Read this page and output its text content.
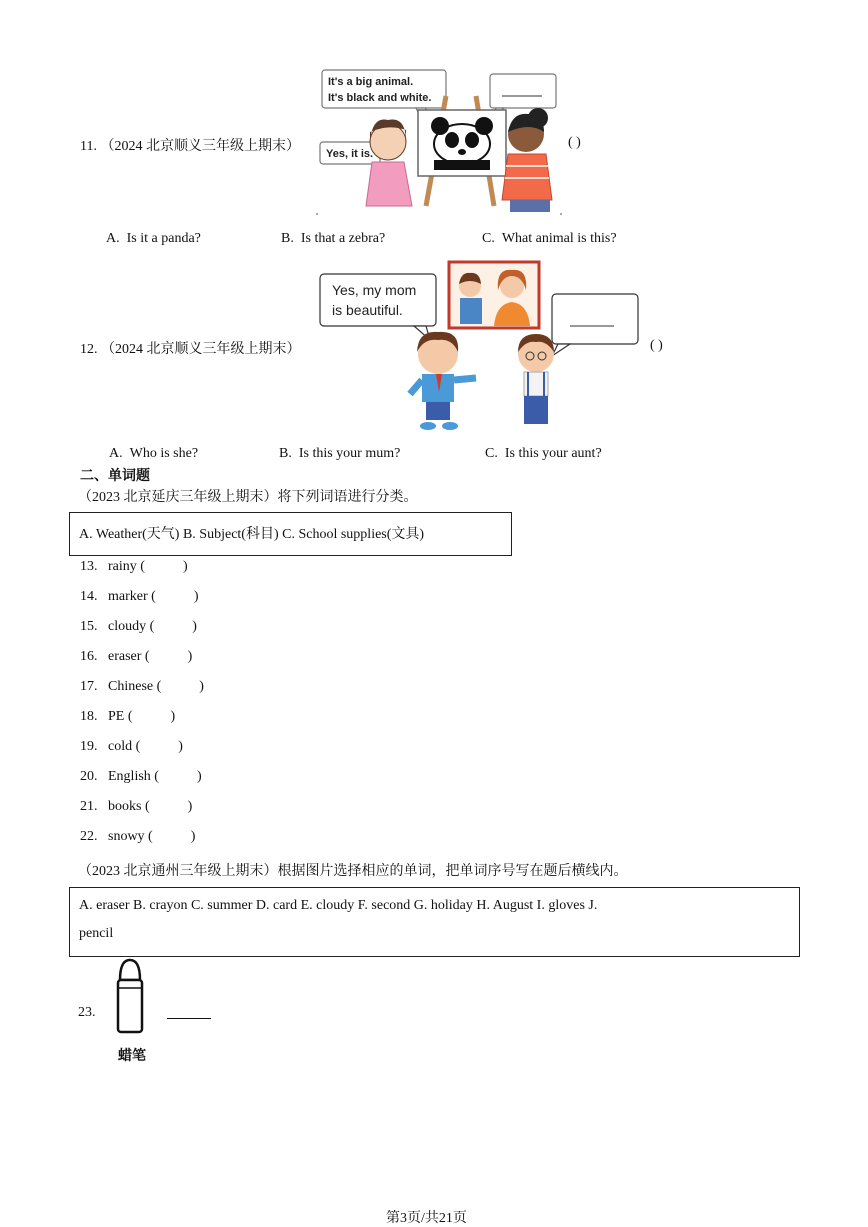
11. （2024 北京顺义三年级上期末）	( )
It's a big animal.
It's black and white.
Yes, it is.
A. Is it a panda?	B. Is that a zebra?	C. What animal is this?
12. （2024 北京顺义三年级上期末）	( )
Yes, my mom
is beautiful.
A. Who is she?	B. Is this your mum?	C. Is this your aunt?
二、单词题
（2023 北京延庆三年级上期末）将下列词语进行分类。
A. Weather(天气) B. Subject(科目) C. School supplies(文具)
13. rainy (	)
14. marker (	)
15. cloudy (	)
16. eraser (	)
17. Chinese (	)
18. PE (	)
19. cold (	)
20. English (	)
21. books (	)
22. snowy (	)
（2023 北京通州三年级上期末）根据图片选择相应的单词，把单词序号写在题后横线内。
A. eraser B. crayon C. summer D. card E. cloudy F. second G. holiday H. August I. gloves J.
pencil
23.
蜡笔
第3页/共21页
